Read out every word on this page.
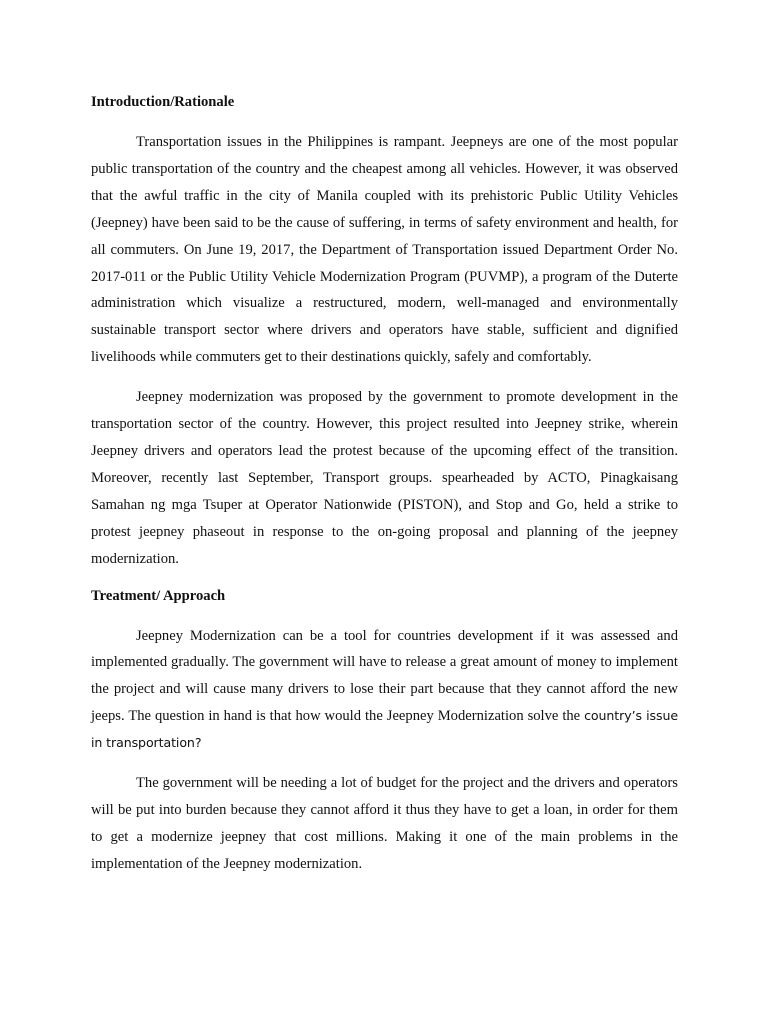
Introduction/Rationale

Transportation issues in the Philippines is rampant. Jeepneys are one of the most popular public transportation of the country and the cheapest among all vehicles. However, it was observed that the awful traffic in the city of Manila coupled with its prehistoric Public Utility Vehicles (Jeepney) have been said to be the cause of suffering, in terms of safety environment and health, for all commuters. On June 19, 2017, the Department of Transportation issued Department Order No. 2017-011 or the Public Utility Vehicle Modernization Program (PUVMP), a program of the Duterte administration which visualize a restructured, modern, well-managed and environmentally sustainable transport sector where drivers and operators have stable, sufficient and dignified livelihoods while commuters get to their destinations quickly, safely and comfortably.

Jeepney modernization was proposed by the government to promote development in the transportation sector of the country. However, this project resulted into Jeepney strike, wherein Jeepney drivers and operators lead the protest because of the upcoming effect of the transition. Moreover, recently last September, Transport groups. spearheaded by ACTO, Pinagkaisang Samahan ng mga Tsuper at Operator Nationwide (PISTON), and Stop and Go, held a strike to protest jeepney phaseout in response to the on-going proposal and planning of the jeepney modernization.

Treatment/ Approach

Jeepney Modernization can be a tool for countries development if it was assessed and implemented gradually. The government will have to release a great amount of money to implement the project and will cause many drivers to lose their part because that they cannot afford the new jeeps. The question in hand is that how would the Jeepney Modernization solve the country’s issue in transportation?

The government will be needing a lot of budget for the project and the drivers and operators will be put into burden because they cannot afford it thus they have to get a loan, in order for them to get a modernize jeepney that cost millions. Making it one of the main problems in the implementation of the Jeepney modernization.
